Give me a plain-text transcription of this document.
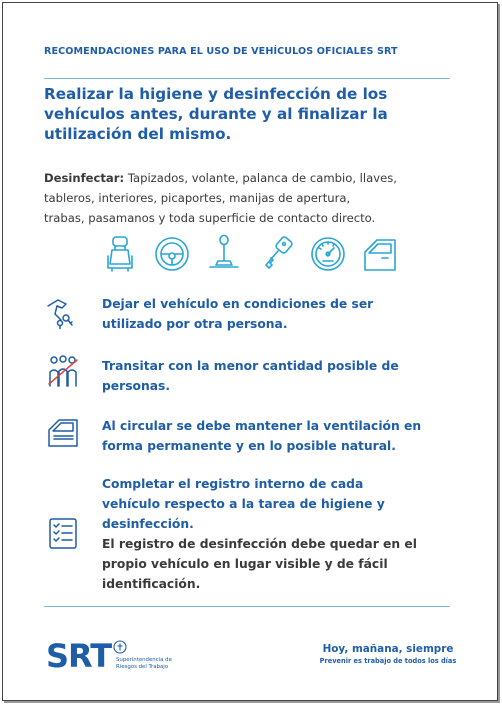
RECOMENDACIONES PARA EL USO DE VEHÍCULOS OFICIALES SRT
Realizar la higiene y desinfección de los
vehículos antes, durante y al finalizar la
utilización del mismo.
Desinfectar: Tapizados, volante, palanca de cambio, llaves,
tableros, interiores, picaportes, manijas de apertura,
trabas, pasamanos y toda superficie de contacto directo.
Dejar el vehículo en condiciones de ser
utilizado por otra persona.
Transitar con la menor cantidad posible de
personas.
Al circular se debe mantener la ventilación en
forma permanente y en lo posible natural.
Completar el registro interno de cada
vehículo respecto a la tarea de higiene y
desinfección.
El registro de desinfección debe quedar en el
propio vehículo en lugar visible y de fácil
identificación.
SRT Superintendencia de
Riesgos del Trabajo
Hoy, mañana, siempre
Prevenir es trabajo de todos los días
